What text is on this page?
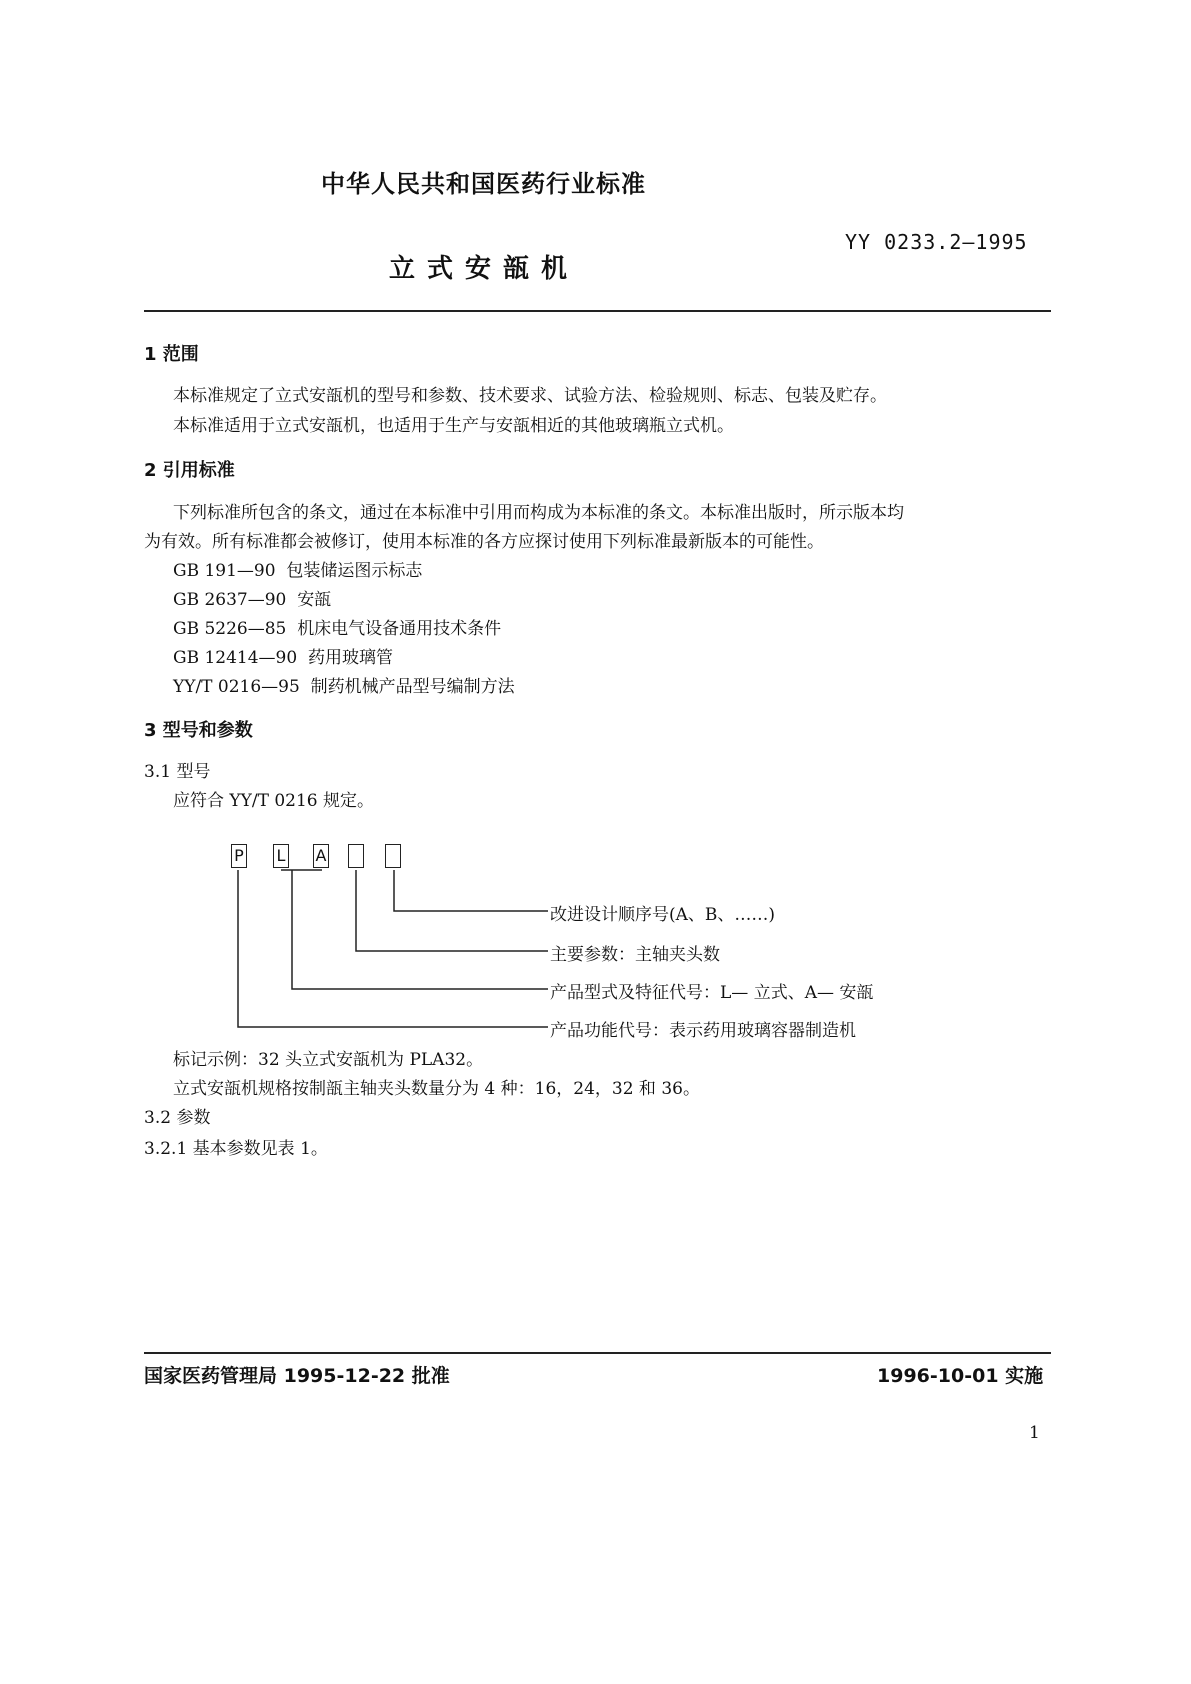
中华人民共和国医药行业标准
YY 0233.2—1995
立式安瓿机
1 范围
本标准规定了立式安瓿机的型号和参数、技术要求、试验方法、检验规则、标志、包装及贮存。
本标准适用于立式安瓿机，也适用于生产与安瓿相近的其他玻璃瓶立式机。
2 引用标准
下列标准所包含的条文，通过在本标准中引用而构成为本标准的条文。本标准出版时，所示版本均
为有效。所有标准都会被修订，使用本标准的各方应探讨使用下列标准最新版本的可能性。
GB 191—90 包装储运图示标志
GB 2637—90 安瓿
GB 5226—85 机床电气设备通用技术条件
GB 12414—90 药用玻璃管
YY/T 0216—95 制药机械产品型号编制方法
3 型号和参数
3.1 型号
应符合 YY/T 0216 规定。
P L A
改进设计顺序号(A、B、……)
主要参数：主轴夹头数
产品型式及特征代号：L— 立式、A— 安瓿
产品功能代号：表示药用玻璃容器制造机
标记示例：32 头立式安瓿机为 PLA32。
立式安瓿机规格按制瓿主轴夹头数量分为 4 种：16，24，32 和 36。
3.2 参数
3.2.1 基本参数见表 1。
国家医药管理局 1995-12-22 批准	1996-10-01 实施
1
